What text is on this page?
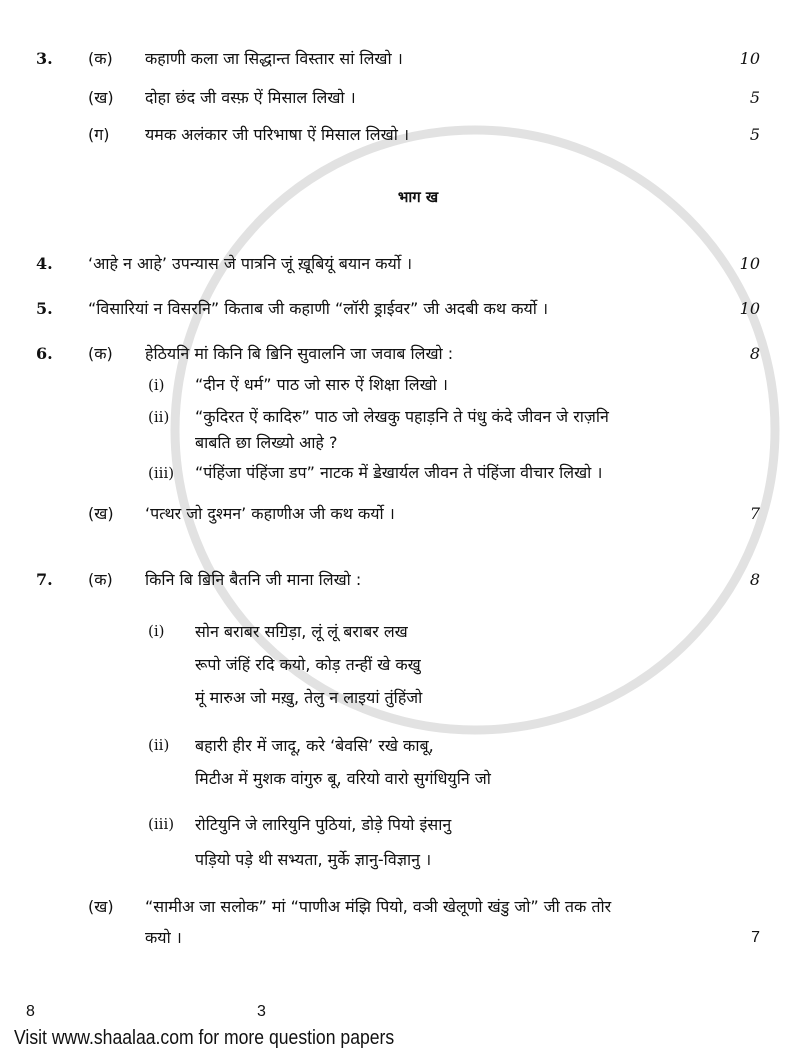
3.	(क)	कहाणी कला जा सिद्धान्त विस्तार सां लिखो ।	10
(ख)	दोहा छंद जी वस्फ़ ऐं मिसाल लिखो ।	5
(ग)	यमक अलंकार जी परिभाषा ऐं मिसाल लिखो ।	5
भाग ख
4.	‘आहे न आहे’ उपन्यास जे पात्रनि जूं ख़ूबियूं बयान कर्यो ।	10
5.	“विसारियां न विसरनि” किताब जी कहाणी “लॉरी ड्राईवर” जी अदबी कथ कर्यो ।	10
6.	(क)	हेठियनि मां किनि बि ॿिनि सुवालनि जा जवाब लिखो :	8
(i)	“दीन ऐं धर्म” पाठ जो सारु ऐं शिक्षा लिखो ।
(ii)	“कुदिरत ऐं कादिरु” पाठ जो लेखकु पहाड़नि ते पंधु कंदे जीवन जे राज़नि
बाबति छा लिख्यो आहे ?
(iii)	“पंहिंजा पंहिंजा डप” नाटक में ॾेखार्यल जीवन ते पंहिंजा वीचार लिखो ।
(ख)	‘पत्थर जो दुश्मन’ कहाणीअ जी कथ कर्यो ।	7
7.	(क)	किनि बि ॿिनि बैतनि जी माना लिखो :	8
(i)	सोन बराबर सॻिड़ा, लूं लूं बराबर लख
रूपो जंहिं रदि कयो, कोड़ तन्हीं खे कखु
मूं मारुअ जो मख़ु, तेलु न लाइयां तुंहिंजो
(ii)	बहारी हीर में जादू, करे ‘बेवसि’ रखे काबू,
मिटीअ में मुशक वांगुरु बू, वरियो वारो सुगंधियुनि जो
(iii)	रोटियुनि जे लारियुनि पुठियां, डोड़े पियो इंसानु
पड़ियो पड़े थी सभ्यता, मुर्के ज्ञानु-विज्ञानु ।
(ख)	“सामीअ जा सलोक” मां “पाणीअ मंझि पियो, वञी खेलूणो खंडु जो” जी तक तोर
कयो ।	7
8	3
Visit www.shaalaa.com for more question papers
